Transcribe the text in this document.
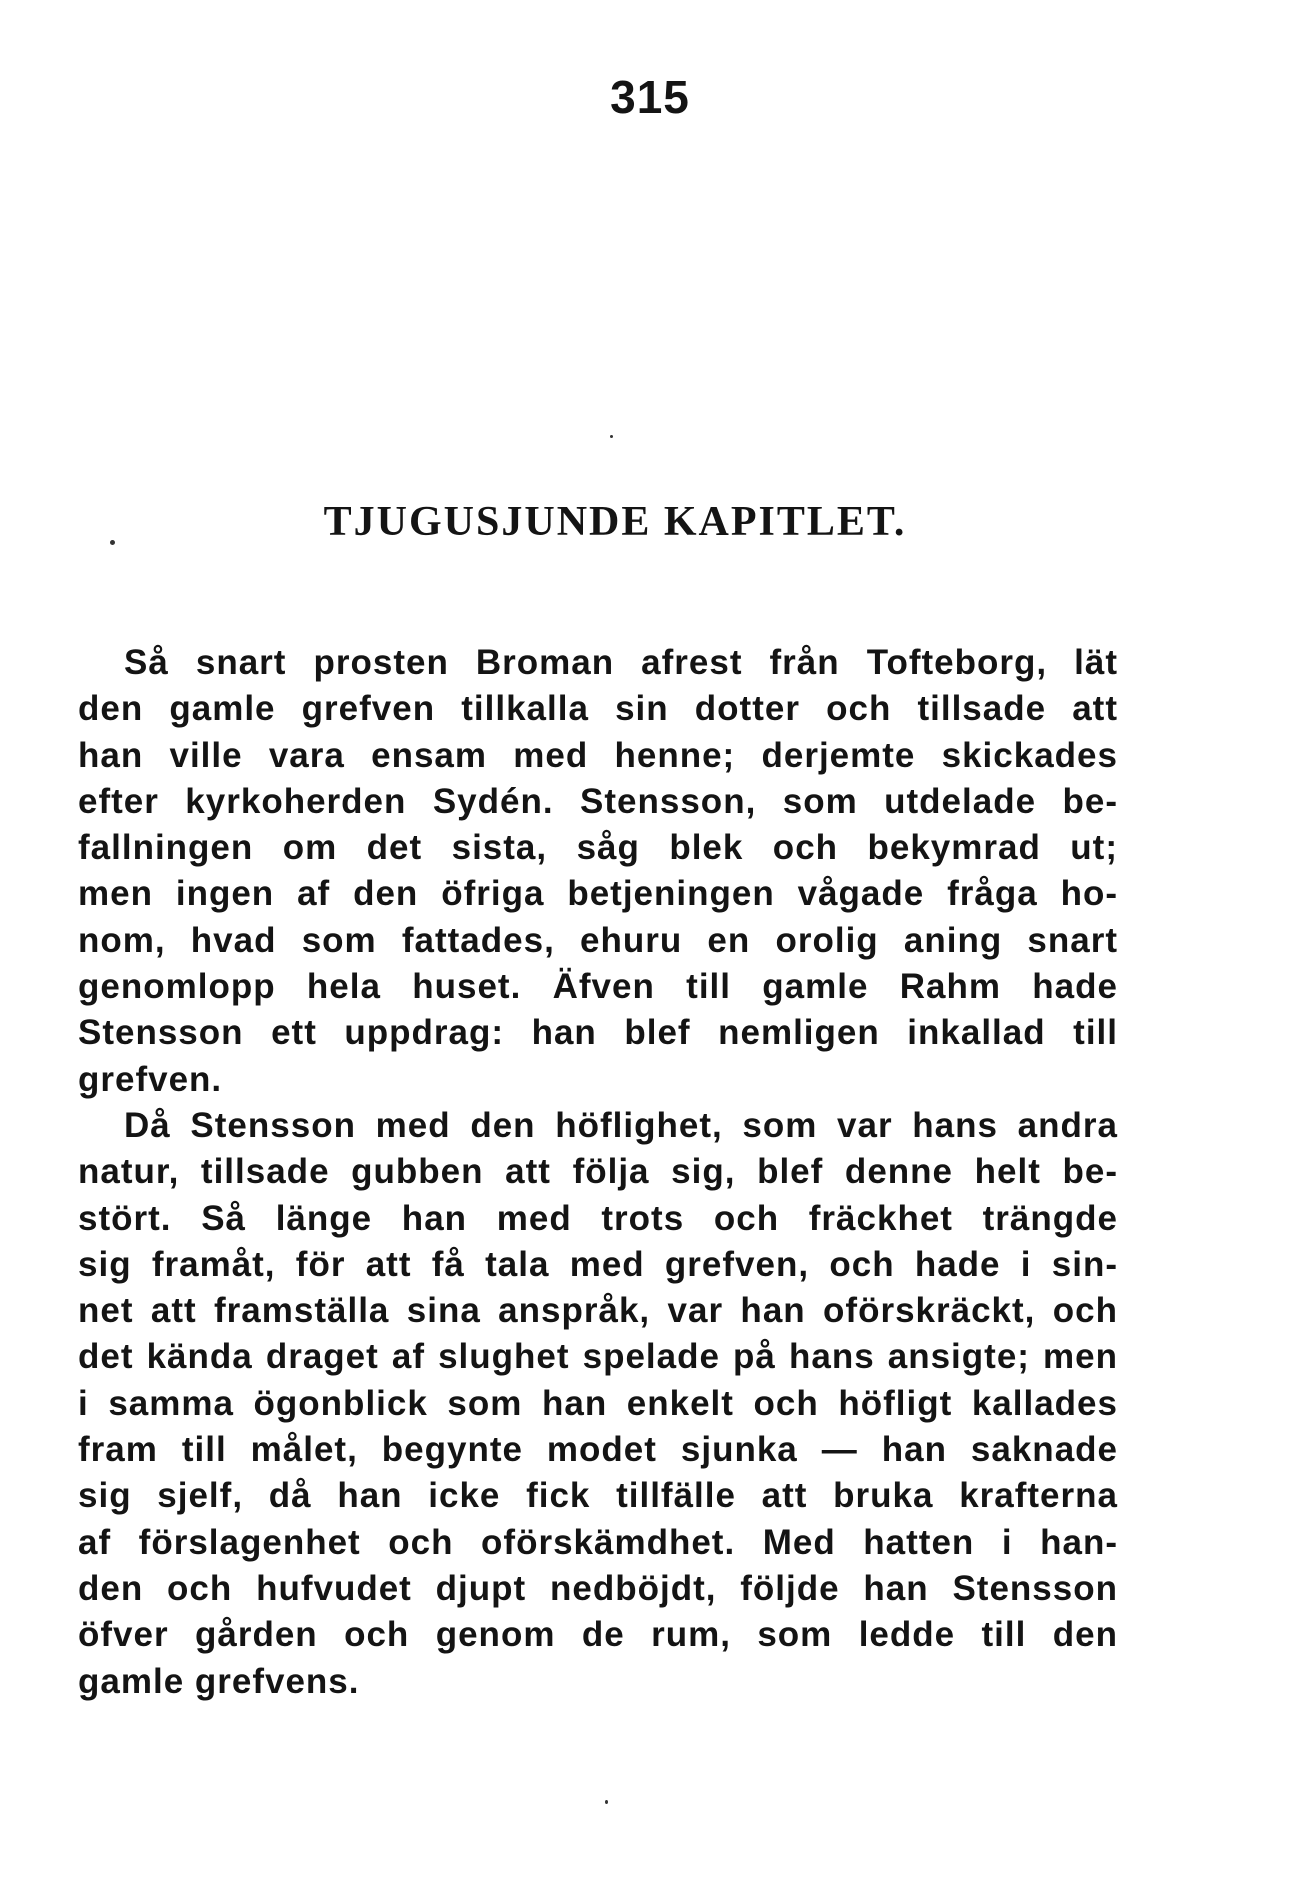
315
TJUGUSJUNDE KAPITLET.
Så snart prosten Broman afrest från Tofteborg, lät
den gamle grefven tillkalla sin dotter och tillsade att
han ville vara ensam med henne; derjemte skickades
efter kyrkoherden Sydén. Stensson, som utdelade be-
fallningen om det sista, såg blek och bekymrad ut;
men ingen af den öfriga betjeningen vågade fråga ho-
nom, hvad som fattades, ehuru en orolig aning snart
genomlopp hela huset. Äfven till gamle Rahm hade
Stensson ett uppdrag: han blef nemligen inkallad till
grefven.
Då Stensson med den höflighet, som var hans andra
natur, tillsade gubben att följa sig, blef denne helt be-
stört. Så länge han med trots och fräckhet trängde
sig framåt, för att få tala med grefven, och hade i sin-
net att framställa sina anspråk, var han oförskräckt, och
det kända draget af slughet spelade på hans ansigte; men
i samma ögonblick som han enkelt och höfligt kallades
fram till målet, begynte modet sjunka — han saknade
sig sjelf, då han icke fick tillfälle att bruka krafterna
af förslagenhet och oförskämdhet. Med hatten i han-
den och hufvudet djupt nedböjdt, följde han Stensson
öfver gården och genom de rum, som ledde till den
gamle grefvens.
